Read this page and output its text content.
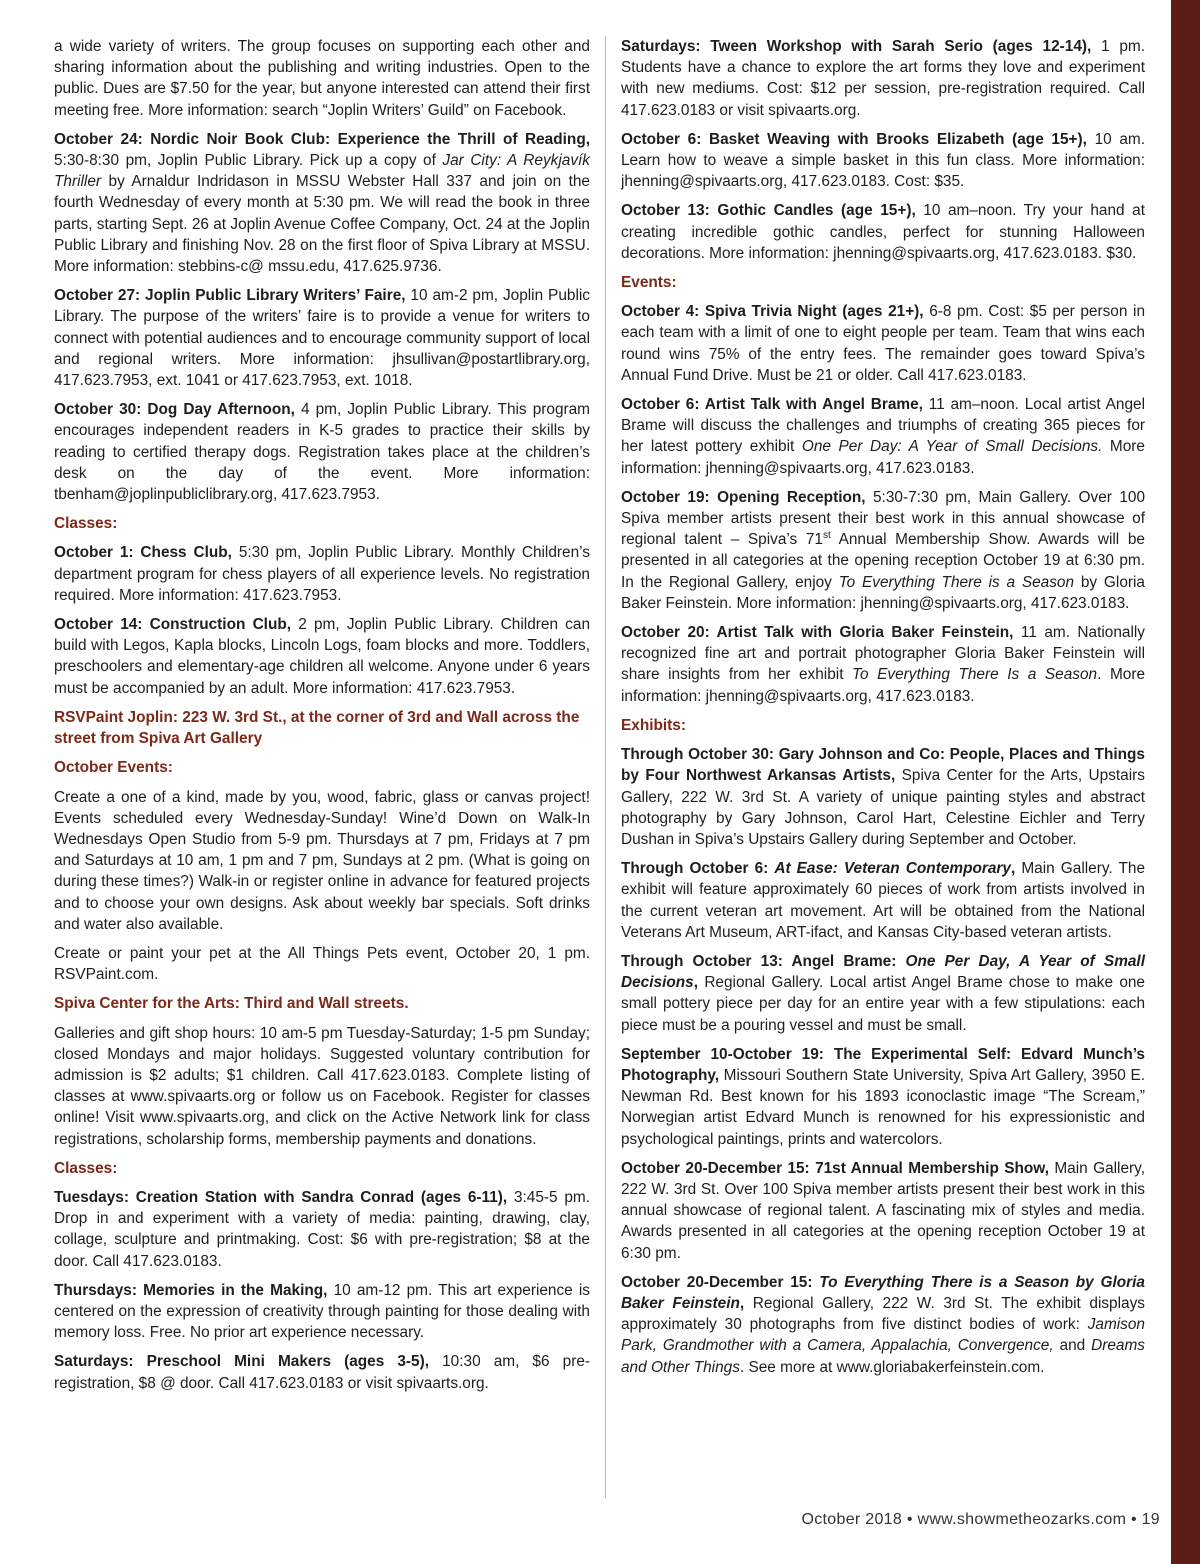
a wide variety of writers. The group focuses on supporting each other and sharing information about the publishing and writing industries. Open to the public. Dues are $7.50 for the year, but anyone interested can attend their first meeting free. More information: search “Joplin Writers’ Guild” on Facebook.

October 24: Nordic Noir Book Club: Experience the Thrill of Reading, 5:30-8:30 pm, Joplin Public Library. Pick up a copy of Jar City: A Reykjavík Thriller by Arnaldur Indridason in MSSU Webster Hall 337 and join on the fourth Wednesday of every month at 5:30 pm. We will read the book in three parts, starting Sept. 26 at Joplin Avenue Coffee Company, Oct. 24 at the Joplin Public Library and finishing Nov. 28 on the first floor of Spiva Library at MSSU. More information: stebbins-c@ mssu.edu, 417.625.9736.

October 27: Joplin Public Library Writers’ Faire, 10 am-2 pm, Joplin Public Library. The purpose of the writers’ faire is to provide a venue for writers to connect with potential audiences and to encourage community support of local and regional writers. More information: jhsullivan@postartlibrary.org, 417.623.7953, ext. 1041 or 417.623.7953, ext. 1018.

October 30: Dog Day Afternoon, 4 pm, Joplin Public Library. This program encourages independent readers in K-5 grades to practice their skills by reading to certified therapy dogs. Registration takes place at the children’s desk on the day of the event. More information: tbenham@joplinpubliclibrary.org, 417.623.7953.

Classes:

October 1: Chess Club, 5:30 pm, Joplin Public Library. Monthly Children’s department program for chess players of all experience levels. No registration required. More information: 417.623.7953.

October 14: Construction Club, 2 pm, Joplin Public Library. Children can build with Legos, Kapla blocks, Lincoln Logs, foam blocks and more. Toddlers, preschoolers and elementary-age children all welcome. Anyone under 6 years must be accompanied by an adult. More information: 417.623.7953.

RSVPaint Joplin: 223 W. 3rd St., at the corner of 3rd and Wall across the street from Spiva Art Gallery
October Events:

Create a one of a kind, made by you, wood, fabric, glass or canvas project! Events scheduled every Wednesday-Sunday! Wine’d Down on Walk-In Wednesdays Open Studio from 5-9 pm. Thursdays at 7 pm, Fridays at 7 pm and Saturdays at 10 am, 1 pm and 7 pm, Sundays at 2 pm. (What is going on during these times?) Walk-in or register online in advance for featured projects and to choose your own designs. Ask about weekly bar specials. Soft drinks and water also available.

Create or paint your pet at the All Things Pets event, October 20, 1 pm. RSVPaint.com.

Spiva Center for the Arts: Third and Wall streets.

Galleries and gift shop hours: 10 am-5 pm Tuesday-Saturday; 1-5 pm Sunday; closed Mondays and major holidays. Suggested voluntary contribution for admission is $2 adults; $1 children. Call 417.623.0183. Complete listing of classes at www.spivaarts.org or follow us on Facebook. Register for classes online! Visit www.spivaarts.org, and click on the Active Network link for class registrations, scholarship forms, membership payments and donations.

Classes:

Tuesdays: Creation Station with Sandra Conrad (ages 6-11), 3:45-5 pm. Drop in and experiment with a variety of media: painting, drawing, clay, collage, sculpture and printmaking. Cost: $6 with pre-registration; $8 at the door. Call 417.623.0183.

Thursdays: Memories in the Making, 10 am-12 pm. This art experience is centered on the expression of creativity through painting for those dealing with memory loss. Free. No prior art experience necessary.

Saturdays: Preschool Mini Makers (ages 3-5), 10:30 am, $6 pre-registration, $8 @ door. Call 417.623.0183 or visit spivaarts.org.

Saturdays: Tween Workshop with Sarah Serio (ages 12-14), 1 pm. Students have a chance to explore the art forms they love and experiment with new mediums. Cost: $12 per session, pre-registration required. Call 417.623.0183 or visit spivaarts.org.

October 6: Basket Weaving with Brooks Elizabeth (age 15+), 10 am. Learn how to weave a simple basket in this fun class. More information: jhenning@spivaarts.org, 417.623.0183. Cost: $35.

October 13: Gothic Candles (age 15+), 10 am–noon. Try your hand at creating incredible gothic candles, perfect for stunning Halloween decorations. More information: jhenning@spivaarts.org, 417.623.0183. $30.

Events:

October 4: Spiva Trivia Night (ages 21+), 6-8 pm. Cost: $5 per person in each team with a limit of one to eight people per team. Team that wins each round wins 75% of the entry fees. The remainder goes toward Spiva’s Annual Fund Drive. Must be 21 or older. Call 417.623.0183.

October 6: Artist Talk with Angel Brame, 11 am–noon. Local artist Angel Brame will discuss the challenges and triumphs of creating 365 pieces for her latest pottery exhibit One Per Day: A Year of Small Decisions. More information: jhenning@spivaarts.org, 417.623.0183.

October 19: Opening Reception, 5:30-7:30 pm, Main Gallery. Over 100 Spiva member artists present their best work in this annual showcase of regional talent – Spiva’s 71st Annual Membership Show. Awards will be presented in all categories at the opening reception October 19 at 6:30 pm. In the Regional Gallery, enjoy To Everything There is a Season by Gloria Baker Feinstein. More information: jhenning@spivaarts.org, 417.623.0183.

October 20: Artist Talk with Gloria Baker Feinstein, 11 am. Nationally recognized fine art and portrait photographer Gloria Baker Feinstein will share insights from her exhibit To Everything There Is a Season. More information: jhenning@spivaarts.org, 417.623.0183.

Exhibits:

Through October 30: Gary Johnson and Co: People, Places and Things by Four Northwest Arkansas Artists, Spiva Center for the Arts, Upstairs Gallery, 222 W. 3rd St. A variety of unique painting styles and abstract photography by Gary Johnson, Carol Hart, Celestine Eichler and Terry Dushan in Spiva’s Upstairs Gallery during September and October.

Through October 6: At Ease: Veteran Contemporary, Main Gallery. The exhibit will feature approximately 60 pieces of work from artists involved in the current veteran art movement. Art will be obtained from the National Veterans Art Museum, ART-ifact, and Kansas City-based veteran artists.

Through October 13: Angel Brame: One Per Day, A Year of Small Decisions, Regional Gallery. Local artist Angel Brame chose to make one small pottery piece per day for an entire year with a few stipulations: each piece must be a pouring vessel and must be small.

September 10-October 19: The Experimental Self: Edvard Munch’s Photography, Missouri Southern State University, Spiva Art Gallery, 3950 E. Newman Rd. Best known for his 1893 iconoclastic image “The Scream,” Norwegian artist Edvard Munch is renowned for his expressionistic and psychological paintings, prints and watercolors.

October 20-December 15: 71st Annual Membership Show, Main Gallery, 222 W. 3rd St. Over 100 Spiva member artists present their best work in this annual showcase of regional talent. A fascinating mix of styles and media. Awards presented in all categories at the opening reception October 19 at 6:30 pm.

October 20-December 15: To Everything There is a Season by Gloria Baker Feinstein, Regional Gallery, 222 W. 3rd St. The exhibit displays approximately 30 photographs from five distinct bodies of work: Jamison Park, Grandmother with a Camera, Appalachia, Convergence, and Dreams and Other Things. See more at www.gloriabakerfeinstein.com.

October 2018 • www.showmetheozarks.com • 19
